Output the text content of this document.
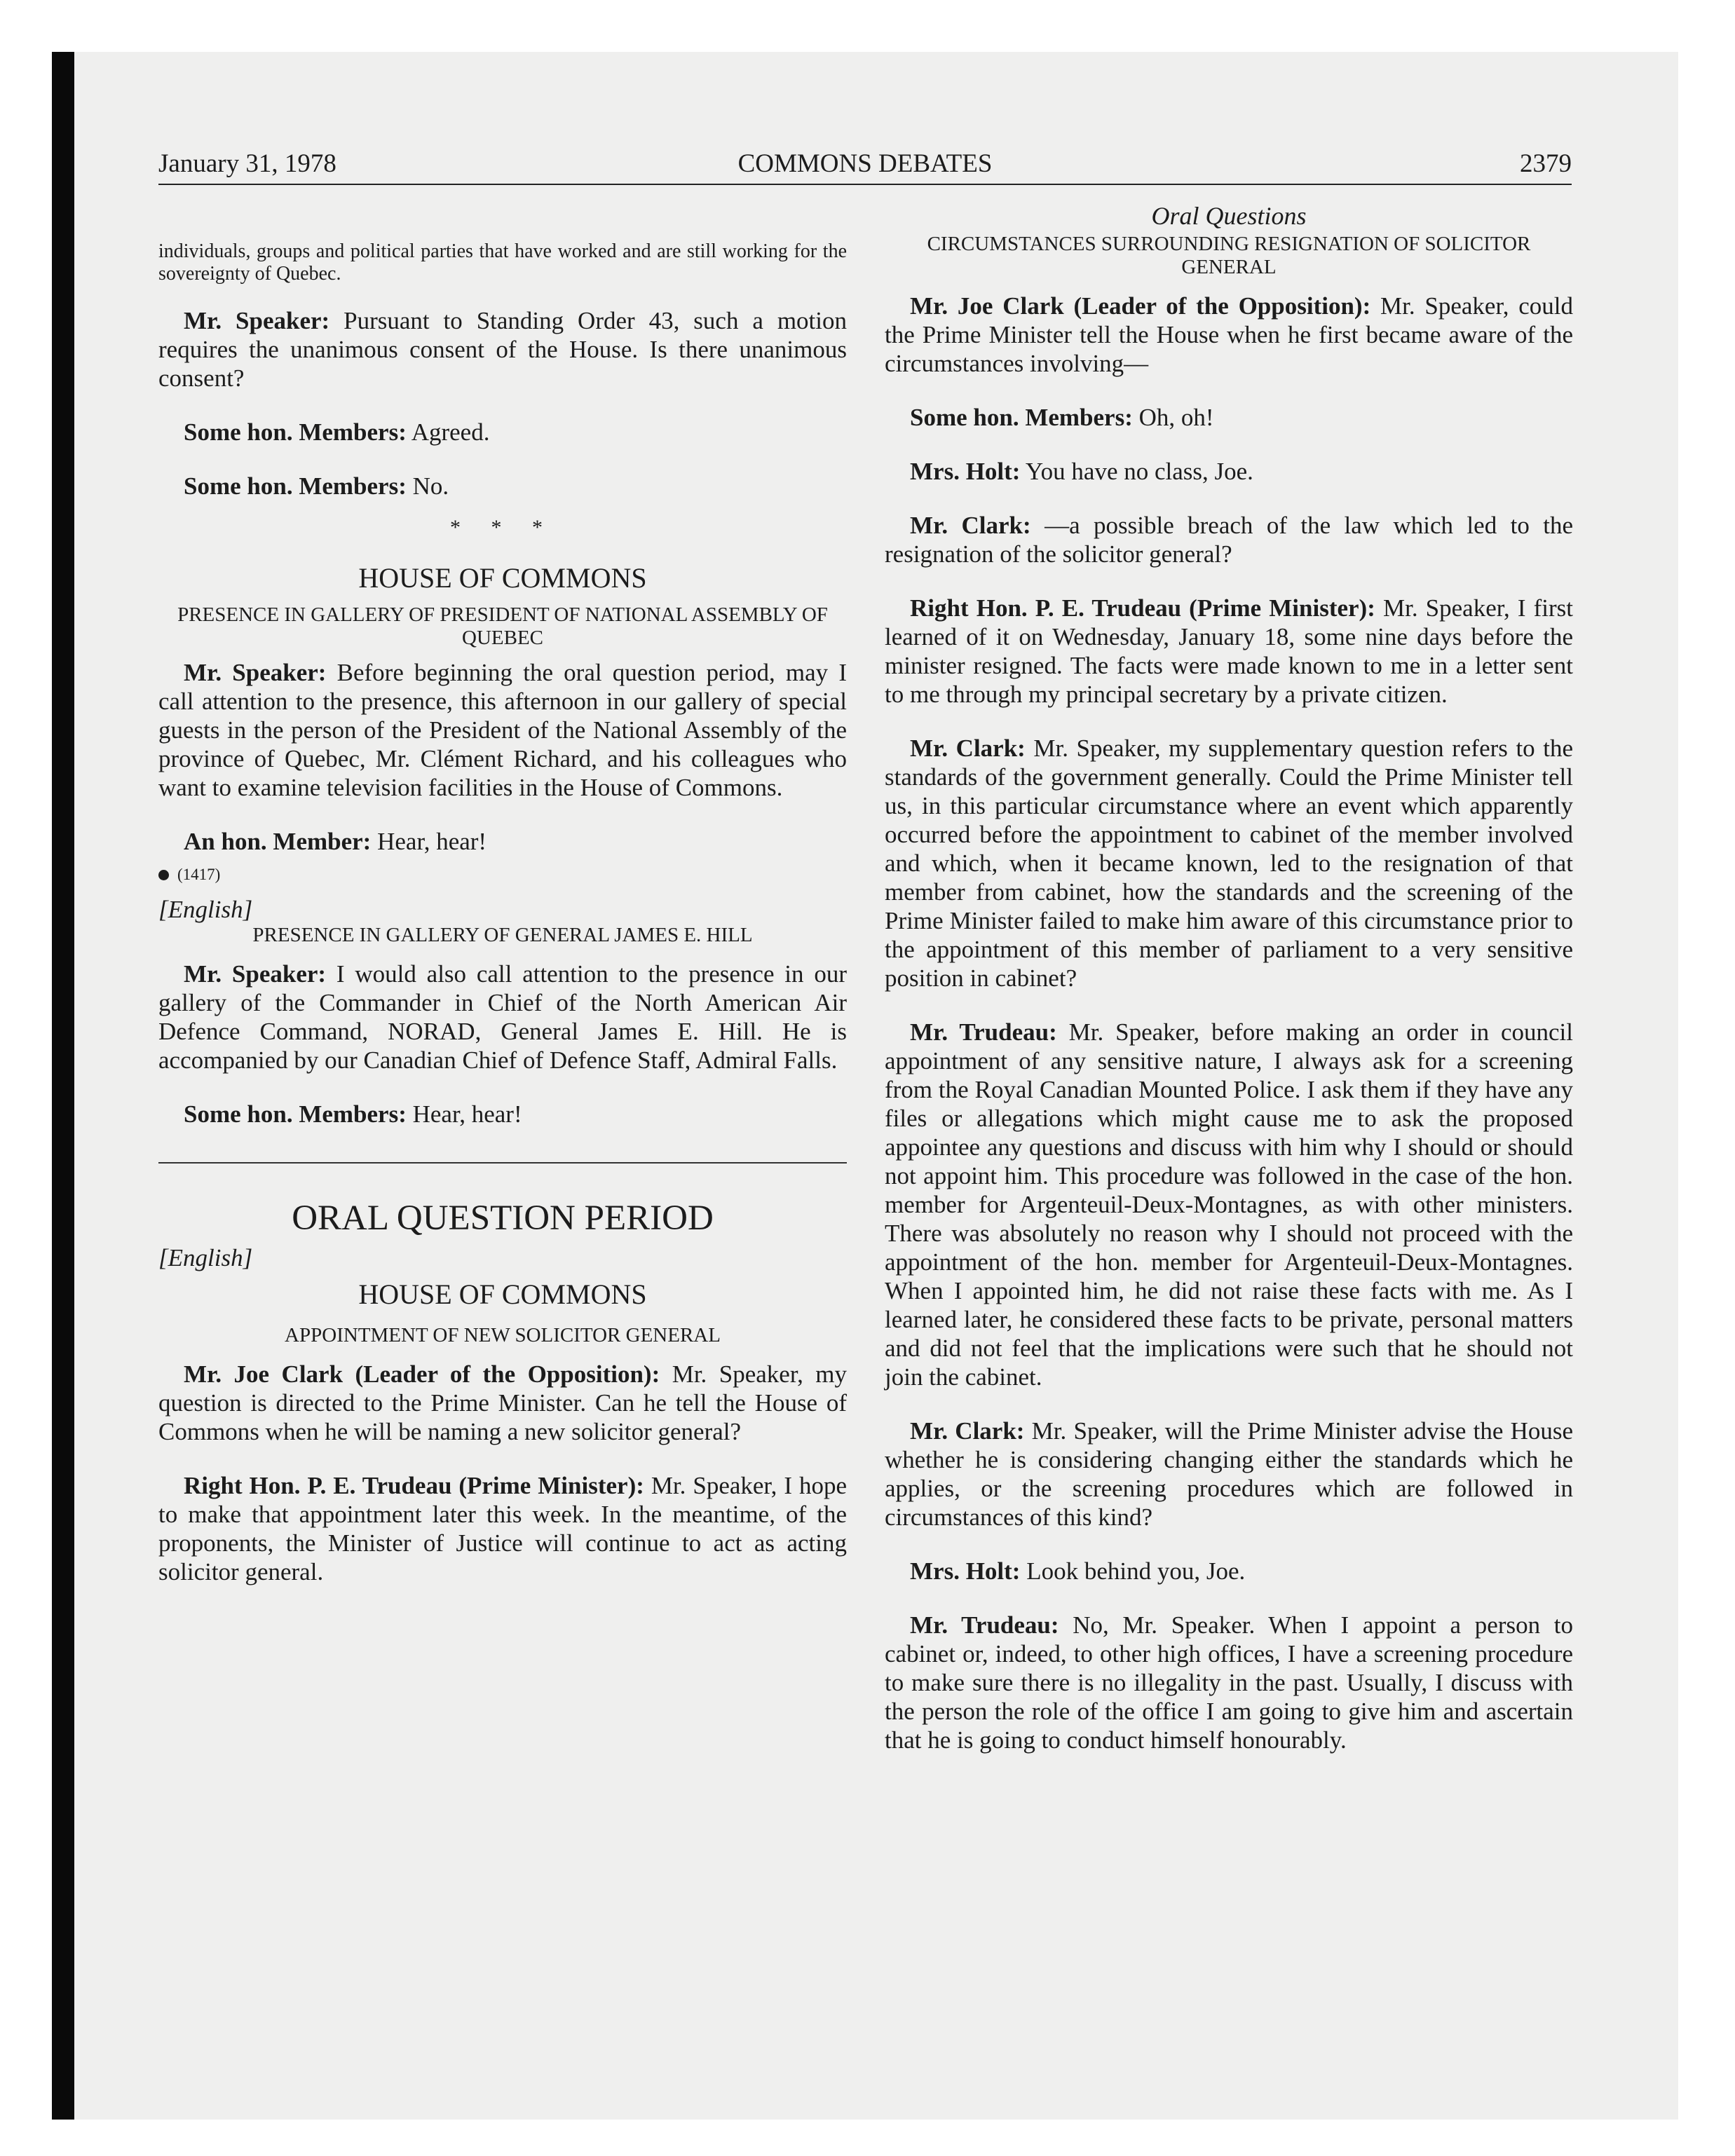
January 31, 1978	COMMONS DEBATES	2379

individuals, groups and political parties that have worked and are still working for the sovereignty of Quebec.

Mr. Speaker: Pursuant to Standing Order 43, such a motion requires the unanimous consent of the House. Is there unanimous consent?

Some hon. Members: Agreed.

Some hon. Members: No.

* * *

HOUSE OF COMMONS

PRESENCE IN GALLERY OF PRESIDENT OF NATIONAL ASSEMBLY OF QUEBEC

Mr. Speaker: Before beginning the oral question period, may I call attention to the presence, this afternoon in our gallery of special guests in the person of the President of the National Assembly of the province of Quebec, Mr. Clément Richard, and his colleagues who want to examine television facilities in the House of Commons.

An hon. Member: Hear, hear!

(1417)

[English]

PRESENCE IN GALLERY OF GENERAL JAMES E. HILL

Mr. Speaker: I would also call attention to the presence in our gallery of the Commander in Chief of the North American Air Defence Command, NORAD, General James E. Hill. He is accompanied by our Canadian Chief of Defence Staff, Admiral Falls.

Some hon. Members: Hear, hear!

ORAL QUESTION PERIOD

[English]

HOUSE OF COMMONS

APPOINTMENT OF NEW SOLICITOR GENERAL

Mr. Joe Clark (Leader of the Opposition): Mr. Speaker, my question is directed to the Prime Minister. Can he tell the House of Commons when he will be naming a new solicitor general?

Right Hon. P. E. Trudeau (Prime Minister): Mr. Speaker, I hope to make that appointment later this week. In the meantime, of the proponents, the Minister of Justice will continue to act as acting solicitor general.

Oral Questions

CIRCUMSTANCES SURROUNDING RESIGNATION OF SOLICITOR GENERAL

Mr. Joe Clark (Leader of the Opposition): Mr. Speaker, could the Prime Minister tell the House when he first became aware of the circumstances involving—

Some hon. Members: Oh, oh!

Mrs. Holt: You have no class, Joe.

Mr. Clark: —a possible breach of the law which led to the resignation of the solicitor general?

Right Hon. P. E. Trudeau (Prime Minister): Mr. Speaker, I first learned of it on Wednesday, January 18, some nine days before the minister resigned. The facts were made known to me in a letter sent to me through my principal secretary by a private citizen.

Mr. Clark: Mr. Speaker, my supplementary question refers to the standards of the government generally. Could the Prime Minister tell us, in this particular circumstance where an event which apparently occurred before the appointment to cabinet of the member involved and which, when it became known, led to the resignation of that member from cabinet, how the standards and the screening of the Prime Minister failed to make him aware of this circumstance prior to the appointment of this member of parliament to a very sensitive position in cabinet?

Mr. Trudeau: Mr. Speaker, before making an order in council appointment of any sensitive nature, I always ask for a screening from the Royal Canadian Mounted Police. I ask them if they have any files or allegations which might cause me to ask the proposed appointee any questions and discuss with him why I should or should not appoint him. This procedure was followed in the case of the hon. member for Argenteuil-Deux-Montagnes, as with other ministers. There was absolutely no reason why I should not proceed with the appointment of the hon. member for Argenteuil-Deux-Montagnes. When I appointed him, he did not raise these facts with me. As I learned later, he considered these facts to be private, personal matters and did not feel that the implications were such that he should not join the cabinet.

Mr. Clark: Mr. Speaker, will the Prime Minister advise the House whether he is considering changing either the standards which he applies, or the screening procedures which are followed in circumstances of this kind?

Mrs. Holt: Look behind you, Joe.

Mr. Trudeau: No, Mr. Speaker. When I appoint a person to cabinet or, indeed, to other high offices, I have a screening procedure to make sure there is no illegality in the past. Usually, I discuss with the person the role of the office I am going to give him and ascertain that he is going to conduct himself honourably.
